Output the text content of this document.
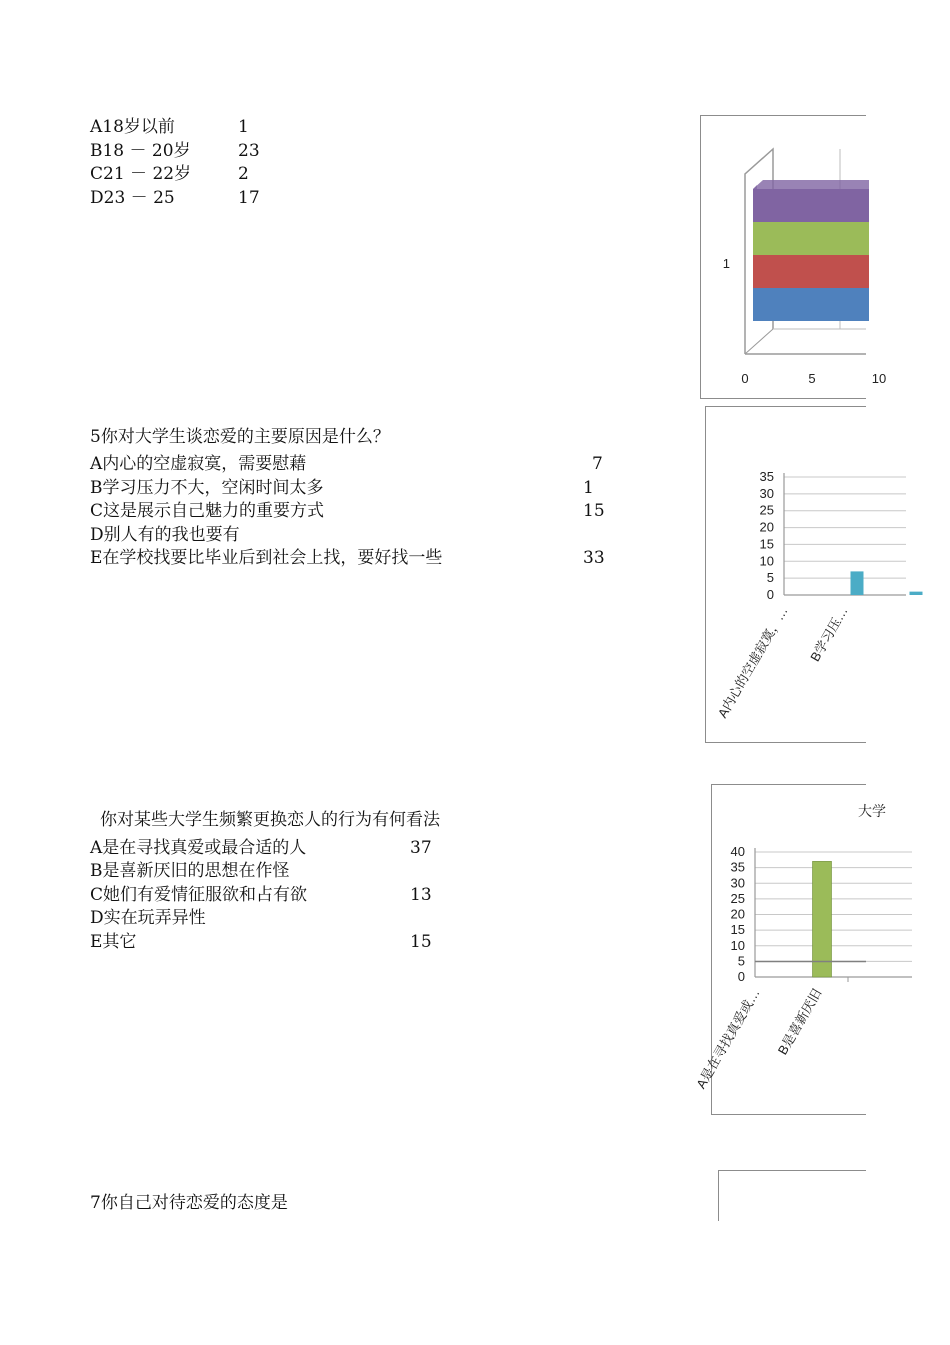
A18岁以前	1
B18 － 20岁	23
C21 － 22岁	2
D23 － 25	17
1
0	5	10
5你对大学生谈恋爱的主要原因是什么？
A内心的空虚寂寞，需要慰藉	7
B学习压力不大，空闲时间太多	1
C这是展示自己魅力的重要方式	15
D别人有的我也要有
E在学校找要比毕业后到社会上找，要好找一些	33
35
30
25
20
15
10
5
0
A内心的空虚寂寞，… B学习压…
你对某些大学生频繁更换恋人的行为有何看法
A是在寻找真爱或最合适的人	37
B是喜新厌旧的思想在作怪
C她们有爱情征服欲和占有欲	13
D实在玩弄异性
E其它	15
40
35
30
25
20
15
10
5
0
A是在寻找真爱或… B是喜新厌旧
大学
7你自己对待恋爱的态度是
